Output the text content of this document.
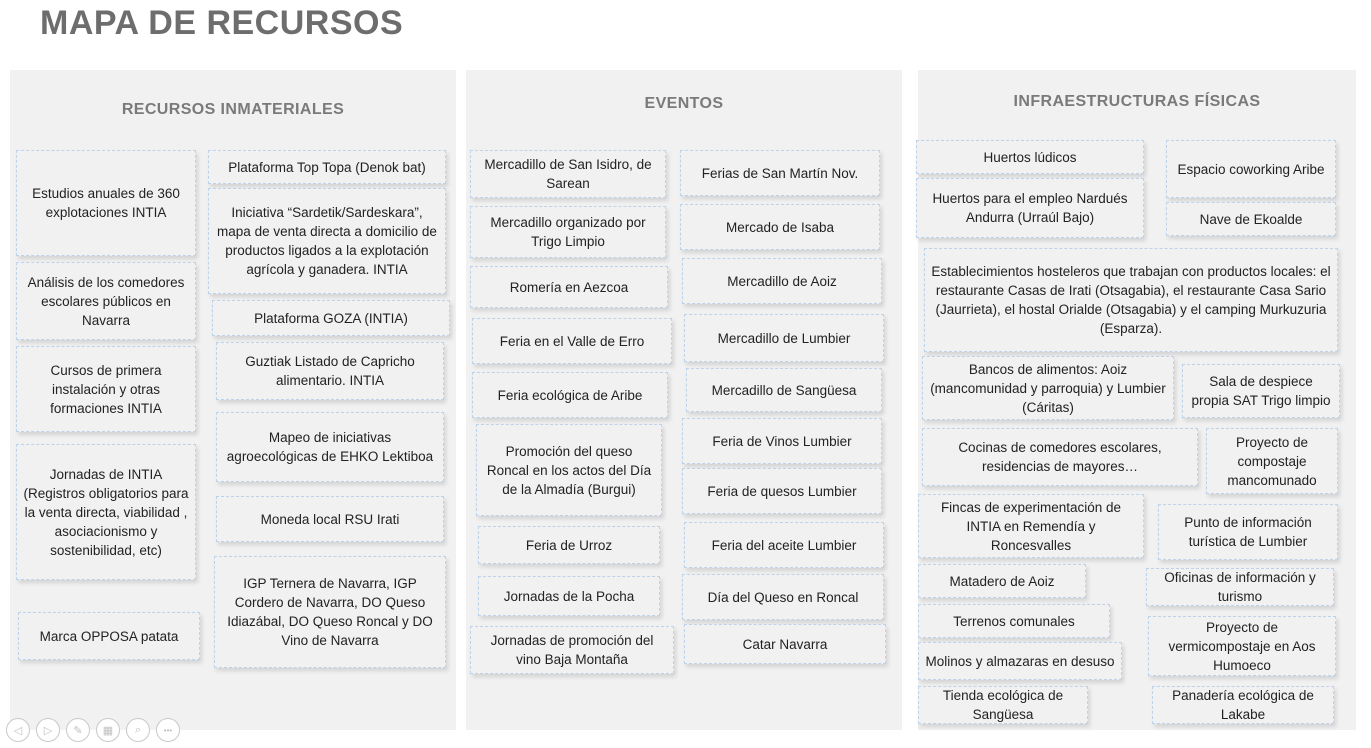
MAPA DE RECURSOS
RECURSOS INMATERIALES
Estudios anuales de 360 explotaciones INTIA
Análisis de los comedores escolares públicos en Navarra
Cursos de primera instalación y otras formaciones INTIA
Jornadas de INTIA (Registros obligatorios para la venta directa, viabilidad , asociacionismo y sostenibilidad, etc)
Marca OPPOSA patata
Plataforma Top Topa (Denok bat)
Iniciativa “Sardetik/Sardeskara”, mapa de venta directa a domicilio de productos ligados a la explotación agrícola y ganadera. INTIA
Plataforma GOZA (INTIA)
Guztiak Listado de Capricho alimentario. INTIA
Mapeo de iniciativas agroecológicas de EHKO Lektiboa
Moneda local RSU Irati
IGP Ternera de Navarra, IGP Cordero de Navarra, DO Queso Idiazábal, DO Queso Roncal y DO Vino de Navarra
EVENTOS
Mercadillo de San Isidro, de Sarean
Mercadillo organizado por Trigo Limpio
Romería en Aezcoa
Feria en el Valle de Erro
Feria ecológica de Aribe
Promoción del queso Roncal en los actos del Día de la Almadía (Burgui)
Feria de Urroz
Jornadas de la Pocha
Jornadas de promoción del vino Baja Montaña
Ferias de San Martín Nov.
Mercado de Isaba
Mercadillo de Aoiz
Mercadillo de Lumbier
Mercadillo de Sangüesa
Feria de Vinos Lumbier
Feria de quesos Lumbier
Feria del aceite Lumbier
Día del Queso en Roncal
Catar Navarra
INFRAESTRUCTURAS FÍSICAS
Huertos lúdicos
Huertos para el empleo Nardués Andurra (Urraúl Bajo)
Espacio coworking Aribe
Nave de Ekoalde
Establecimientos hosteleros que trabajan con productos locales: el restaurante Casas de Irati (Otsagabia), el restaurante Casa Sario (Jaurrieta), el hostal Orialde (Otsagabia) y el camping Murkuzuria (Esparza).
Bancos de alimentos: Aoiz (mancomunidad y parroquia) y Lumbier (Cáritas)
Sala de despiece propia SAT Trigo limpio
Cocinas de comedores escolares, residencias de mayores…
Proyecto de compostaje mancomunado
Fincas de experimentación de INTIA en Remendía y Roncesvalles
Punto de información turística de Lumbier
Matadero de Aoiz	Oficinas de información y turismo
Terrenos comunales	Proyecto de vermicompostaje en Aos Humoeco
Molinos y almazaras en desuso
Tienda ecológica de Sangüesa
Panadería ecológica de Lakabe
◁	▷	✎	▦	⌕	•••
